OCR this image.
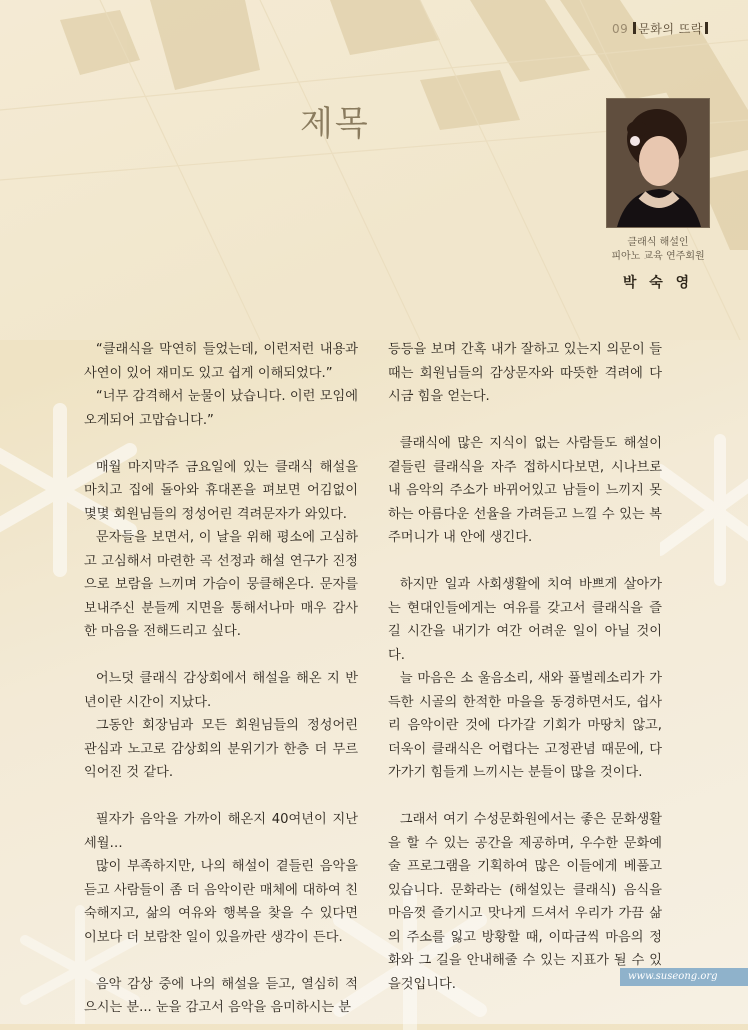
09 문화의 뜨락
제목
클래식 해설인
피아노 교육 연주회원
박 숙 영

“클래식을 막연히 들었는데, 이런저런 내용과 사연이 있어 재미도 있고 쉽게 이해되었다.”

“너무 감격해서 눈물이 났습니다. 이런 모임에 오게되어 고맙습니다.”

매월 마지막주 금요일에 있는 클래식 해설을 마치고 집에 돌아와 휴대폰을 펴보면 어김없이 몇몇 회원님들의 정성어린 격려문자가 와있다.

문자들을 보면서, 이 날을 위해 평소에 고심하고 고심해서 마련한 곡 선정과 해설 연구가 진정으로 보람을 느끼며 가슴이 뭉클해온다. 문자를 보내주신 분들께 지면을 통해서나마 매우 감사한 마음을 전해드리고 싶다.

어느덧 클래식 감상회에서 해설을 해온 지 반년이란 시간이 지났다.

그동안 회장님과 모든 회원님들의 정성어린 관심과 노고로 감상회의 분위기가 한층 더 무르익어진 것 같다.

필자가 음악을 가까이 해온지 40여년이 지난 세월…

많이 부족하지만, 나의 해설이 곁들린 음악을 듣고 사람들이 좀 더 음악이란 매체에 대하여 친숙해지고, 삶의 여유와 행복을 찾을 수 있다면 이보다 더 보람찬 일이 있을까란 생각이 든다.

음악 감상 중에 나의 해설을 듣고, 열심히 적으시는 분... 눈을 감고서 음악을 음미하시는 분

등등을 보며 간혹 내가 잘하고 있는지 의문이 들 때는 회원님들의 감상문자와 따뜻한 격려에 다시금 힘을 얻는다.

클래식에 많은 지식이 없는 사람들도 해설이 곁들린 클래식을 자주 접하시다보면, 시나브로 내 음악의 주소가 바뀌어있고 남들이 느끼지 못하는 아름다운 선율을 가려듣고 느낄 수 있는 복주머니가 내 안에 생긴다.

하지만 일과 사회생활에 치여 바쁘게 살아가는 현대인들에게는 여유를 갖고서 클래식을 즐길 시간을 내기가 여간 어려운 일이 아닐 것이다.

늘 마음은 소 울음소리, 새와 풀벌레소리가 가득한 시골의 한적한 마을을 동경하면서도, 쉽사리 음악이란 것에 다가갈 기회가 마땅치 않고, 더욱이 클래식은 어렵다는 고정관념 때문에, 다가가기 힘들게 느끼시는 분들이 많을 것이다.

그래서 여기 수성문화원에서는 좋은 문화생활을 할 수 있는 공간을 제공하며, 우수한 문화예술 프로그램을 기획하여 많은 이들에게 베풀고 있습니다. 문화라는 (해설있는 클래식) 음식을 마음껏 즐기시고 맛나게 드셔서 우리가 가끔 삶의 주소를 잃고 방황할 때, 이따금씩 마음의 정화와 그 길을 안내해줄 수 있는 지표가 될 수 있을것입니다.	www.suseong.org
